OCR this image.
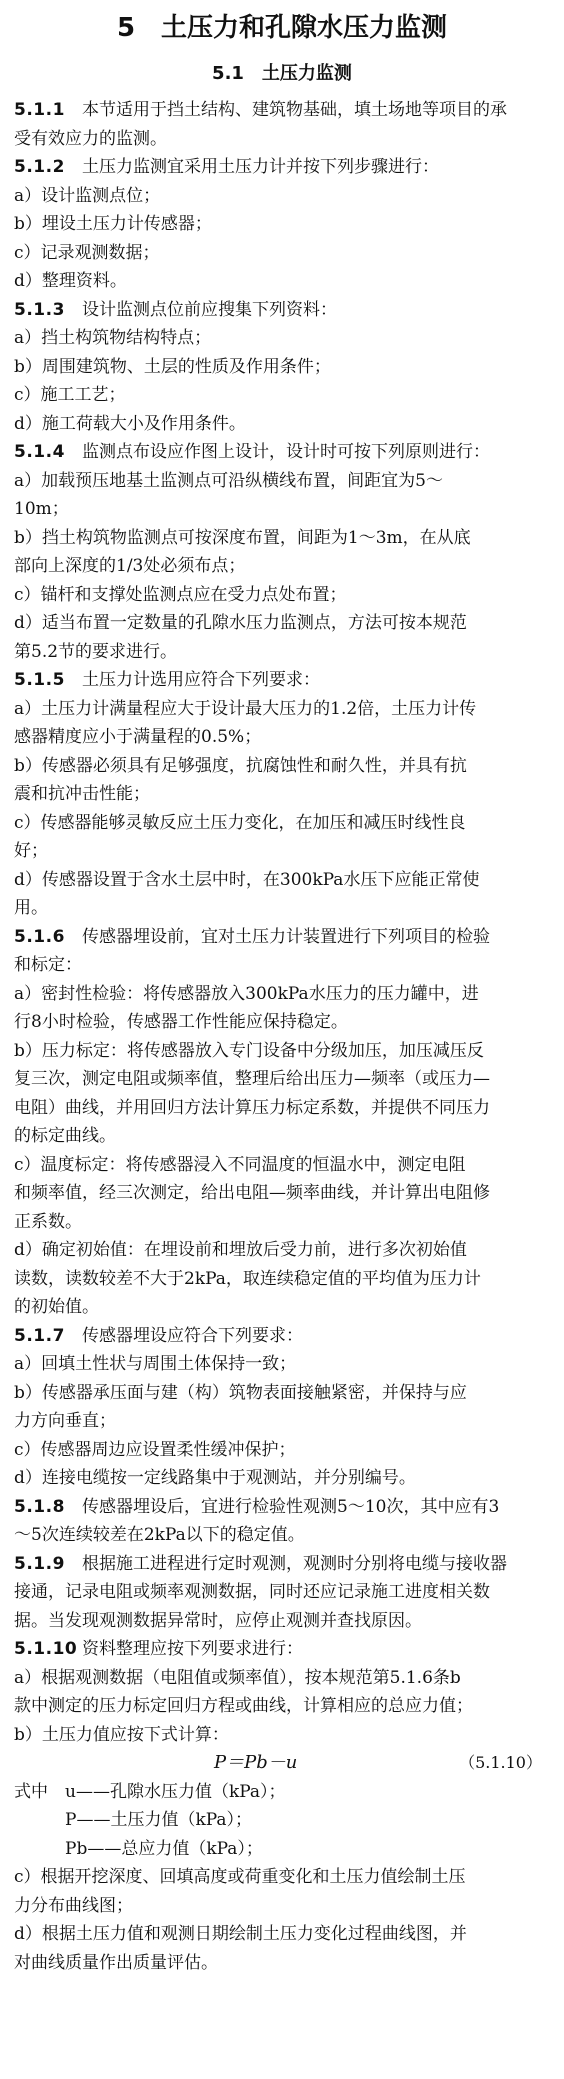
5　土压力和孔隙水压力监测
5.1　土压力监测
5.1.1 本节适用于挡土结构、建筑物基础，填土场地等项目的承
受有效应力的监测。
5.1.2 土压力监测宜采用土压力计并按下列步骤进行：
a）设计监测点位；
b）埋设土压力计传感器；
c）记录观测数据；
d）整理资料。
5.1.3 设计监测点位前应搜集下列资料：
a）挡土构筑物结构特点；
b）周围建筑物、土层的性质及作用条件；
c）施工工艺；
d）施工荷载大小及作用条件。
5.1.4 监测点布设应作图上设计，设计时可按下列原则进行：
a）加载预压地基土监测点可沿纵横线布置，间距宜为5～
10m；
b）挡土构筑物监测点可按深度布置，间距为1～3m，在从底
部向上深度的1/3处必须布点；
c）锚杆和支撑处监测点应在受力点处布置；
d）适当布置一定数量的孔隙水压力监测点，方法可按本规范
第5.2节的要求进行。
5.1.5 土压力计选用应符合下列要求：
a）土压力计满量程应大于设计最大压力的1.2倍，土压力计传
感器精度应小于满量程的0.5%；
b）传感器必须具有足够强度，抗腐蚀性和耐久性，并具有抗
震和抗冲击性能；
c）传感器能够灵敏反应土压力变化，在加压和减压时线性良
好；
d）传感器设置于含水土层中时，在300kPa水压下应能正常使
用。
5.1.6 传感器埋设前，宜对土压力计装置进行下列项目的检验
和标定：
a）密封性检验：将传感器放入300kPa水压力的压力罐中，进
行8小时检验，传感器工作性能应保持稳定。
b）压力标定：将传感器放入专门设备中分级加压，加压减压反
复三次，测定电阻或频率值，整理后给出压力—频率（或压力—
电阻）曲线，并用回归方法计算压力标定系数，并提供不同压力
的标定曲线。
c）温度标定：将传感器浸入不同温度的恒温水中，测定电阻
和频率值，经三次测定，给出电阻—频率曲线，并计算出电阻修
正系数。
d）确定初始值：在埋设前和埋放后受力前，进行多次初始值
读数，读数较差不大于2kPa，取连续稳定值的平均值为压力计
的初始值。
5.1.7 传感器埋设应符合下列要求：
a）回填土性状与周围土体保持一致；
b）传感器承压面与建（构）筑物表面接触紧密，并保持与应
力方向垂直；
c）传感器周边应设置柔性缓冲保护；
d）连接电缆按一定线路集中于观测站，并分别编号。
5.1.8 传感器埋设后，宜进行检验性观测5～10次，其中应有3
～5次连续较差在2kPa以下的稳定值。
5.1.9 根据施工进程进行定时观测，观测时分别将电缆与接收器
接通，记录电阻或频率观测数据，同时还应记录施工进度相关数
据。当发现观测数据异常时，应停止观测并查找原因。
5.1.10 资料整理应按下列要求进行：
a）根据观测数据（电阻值或频率值），按本规范第5.1.6条b
款中测定的压力标定回归方程或曲线，计算相应的总应力值；
b）土压力值应按下式计算：
P＝Pb－u	（5.1.10）
式中　u——孔隙水压力值（kPa）；
　　　P——土压力值（kPa）；
　　　Pb——总应力值（kPa）；
c）根据开挖深度、回填高度或荷重变化和土压力值绘制土压
力分布曲线图；
d）根据土压力值和观测日期绘制土压力变化过程曲线图，并
对曲线质量作出质量评估。
